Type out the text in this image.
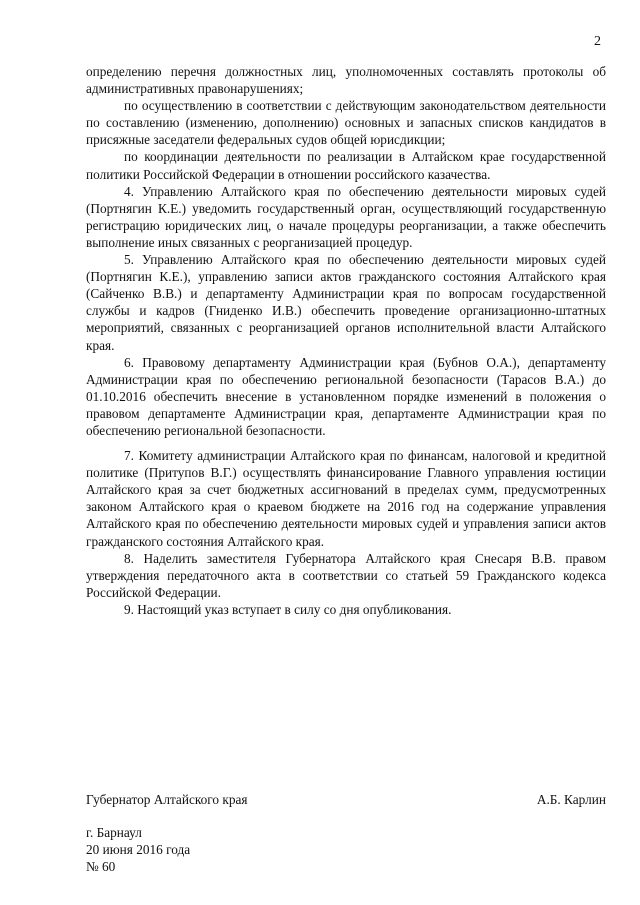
2

определению перечня должностных лиц, уполномоченных составлять протоколы об административных правонарушениях;

по осуществлению в соответствии с действующим законодательством деятельности по составлению (изменению, дополнению) основных и запасных списков кандидатов в присяжные заседатели федеральных судов общей юрисдикции;

по координации деятельности по реализации в Алтайском крае государственной политики Российской Федерации в отношении российского казачества.

4. Управлению Алтайского края по обеспечению деятельности мировых судей (Портнягин К.Е.) уведомить государственный орган, осуществляющий государственную регистрацию юридических лиц, о начале процедуры реорганизации, а также обеспечить выполнение иных связанных с реорганизацией процедур.

5. Управлению Алтайского края по обеспечению деятельности мировых судей (Портнягин К.Е.), управлению записи актов гражданского состояния Алтайского края (Сайченко В.В.) и департаменту Администрации края по вопросам государственной службы и кадров (Гниденко И.В.) обеспечить проведение организационно-штатных мероприятий, связанных с реорганизацией органов исполнительной власти Алтайского края.

6. Правовому департаменту Администрации края (Бубнов О.А.), департаменту Администрации края по обеспечению региональной безопасности (Тарасов В.А.) до 01.10.2016 обеспечить внесение в установленном порядке изменений в положения о правовом департаменте Администрации края, департаменте Администрации края по обеспечению региональной безопасности.

7. Комитету администрации Алтайского края по финансам, налоговой и кредитной политике (Притупов В.Г.) осуществлять финансирование Главного управления юстиции Алтайского края за счет бюджетных ассигнований в пределах сумм, предусмотренных законом Алтайского края о краевом бюджете на 2016 год на содержание управления Алтайского края по обеспечению деятельности мировых судей и управления записи актов гражданского состояния Алтайского края.

8. Наделить заместителя Губернатора Алтайского края Снесаря В.В. правом утверждения передаточного акта в соответствии со статьей 59 Гражданского кодекса Российской Федерации.

9. Настоящий указ вступает в силу со дня опубликования.

Губернатор Алтайского края	А.Б. Карлин
г. Барнаул
20 июня 2016 года
№ 60
